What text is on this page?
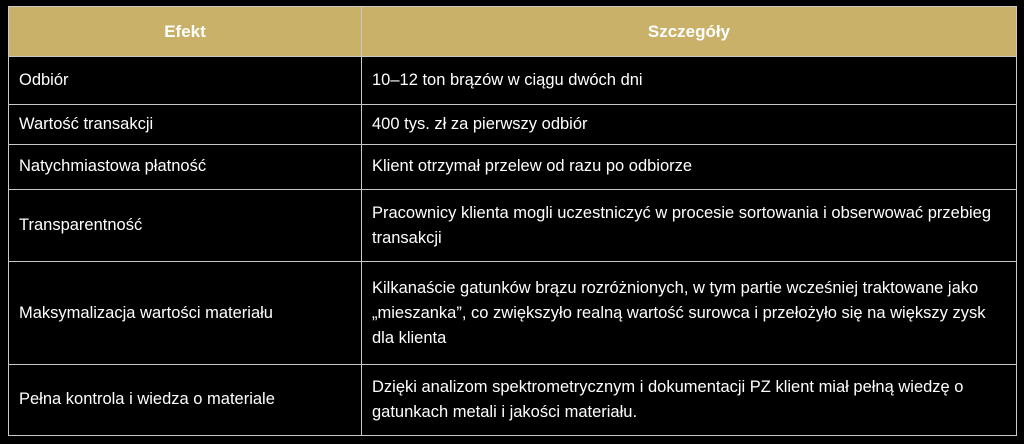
Efekt	Szczegóły
Odbiór	10–12 ton brązów w ciągu dwóch dni
Wartość transakcji	400 tys. zł za pierwszy odbiór
Natychmiastowa płatność	Klient otrzymał przelew od razu po odbiorze
Transparentność	Pracownicy klienta mogli uczestniczyć w procesie sortowania i obserwować przebieg transakcji
Maksymalizacja wartości materiału	Kilkanaście gatunków brązu rozróżnionych, w tym partie wcześniej traktowane jako „mieszanka”, co zwiększyło realną wartość surowca i przełożyło się na większy zysk dla klienta
Pełna kontrola i wiedza o materiale	Dzięki analizom spektrometrycznym i dokumentacji PZ klient miał pełną wiedzę o gatunkach metali i jakości materiału.
